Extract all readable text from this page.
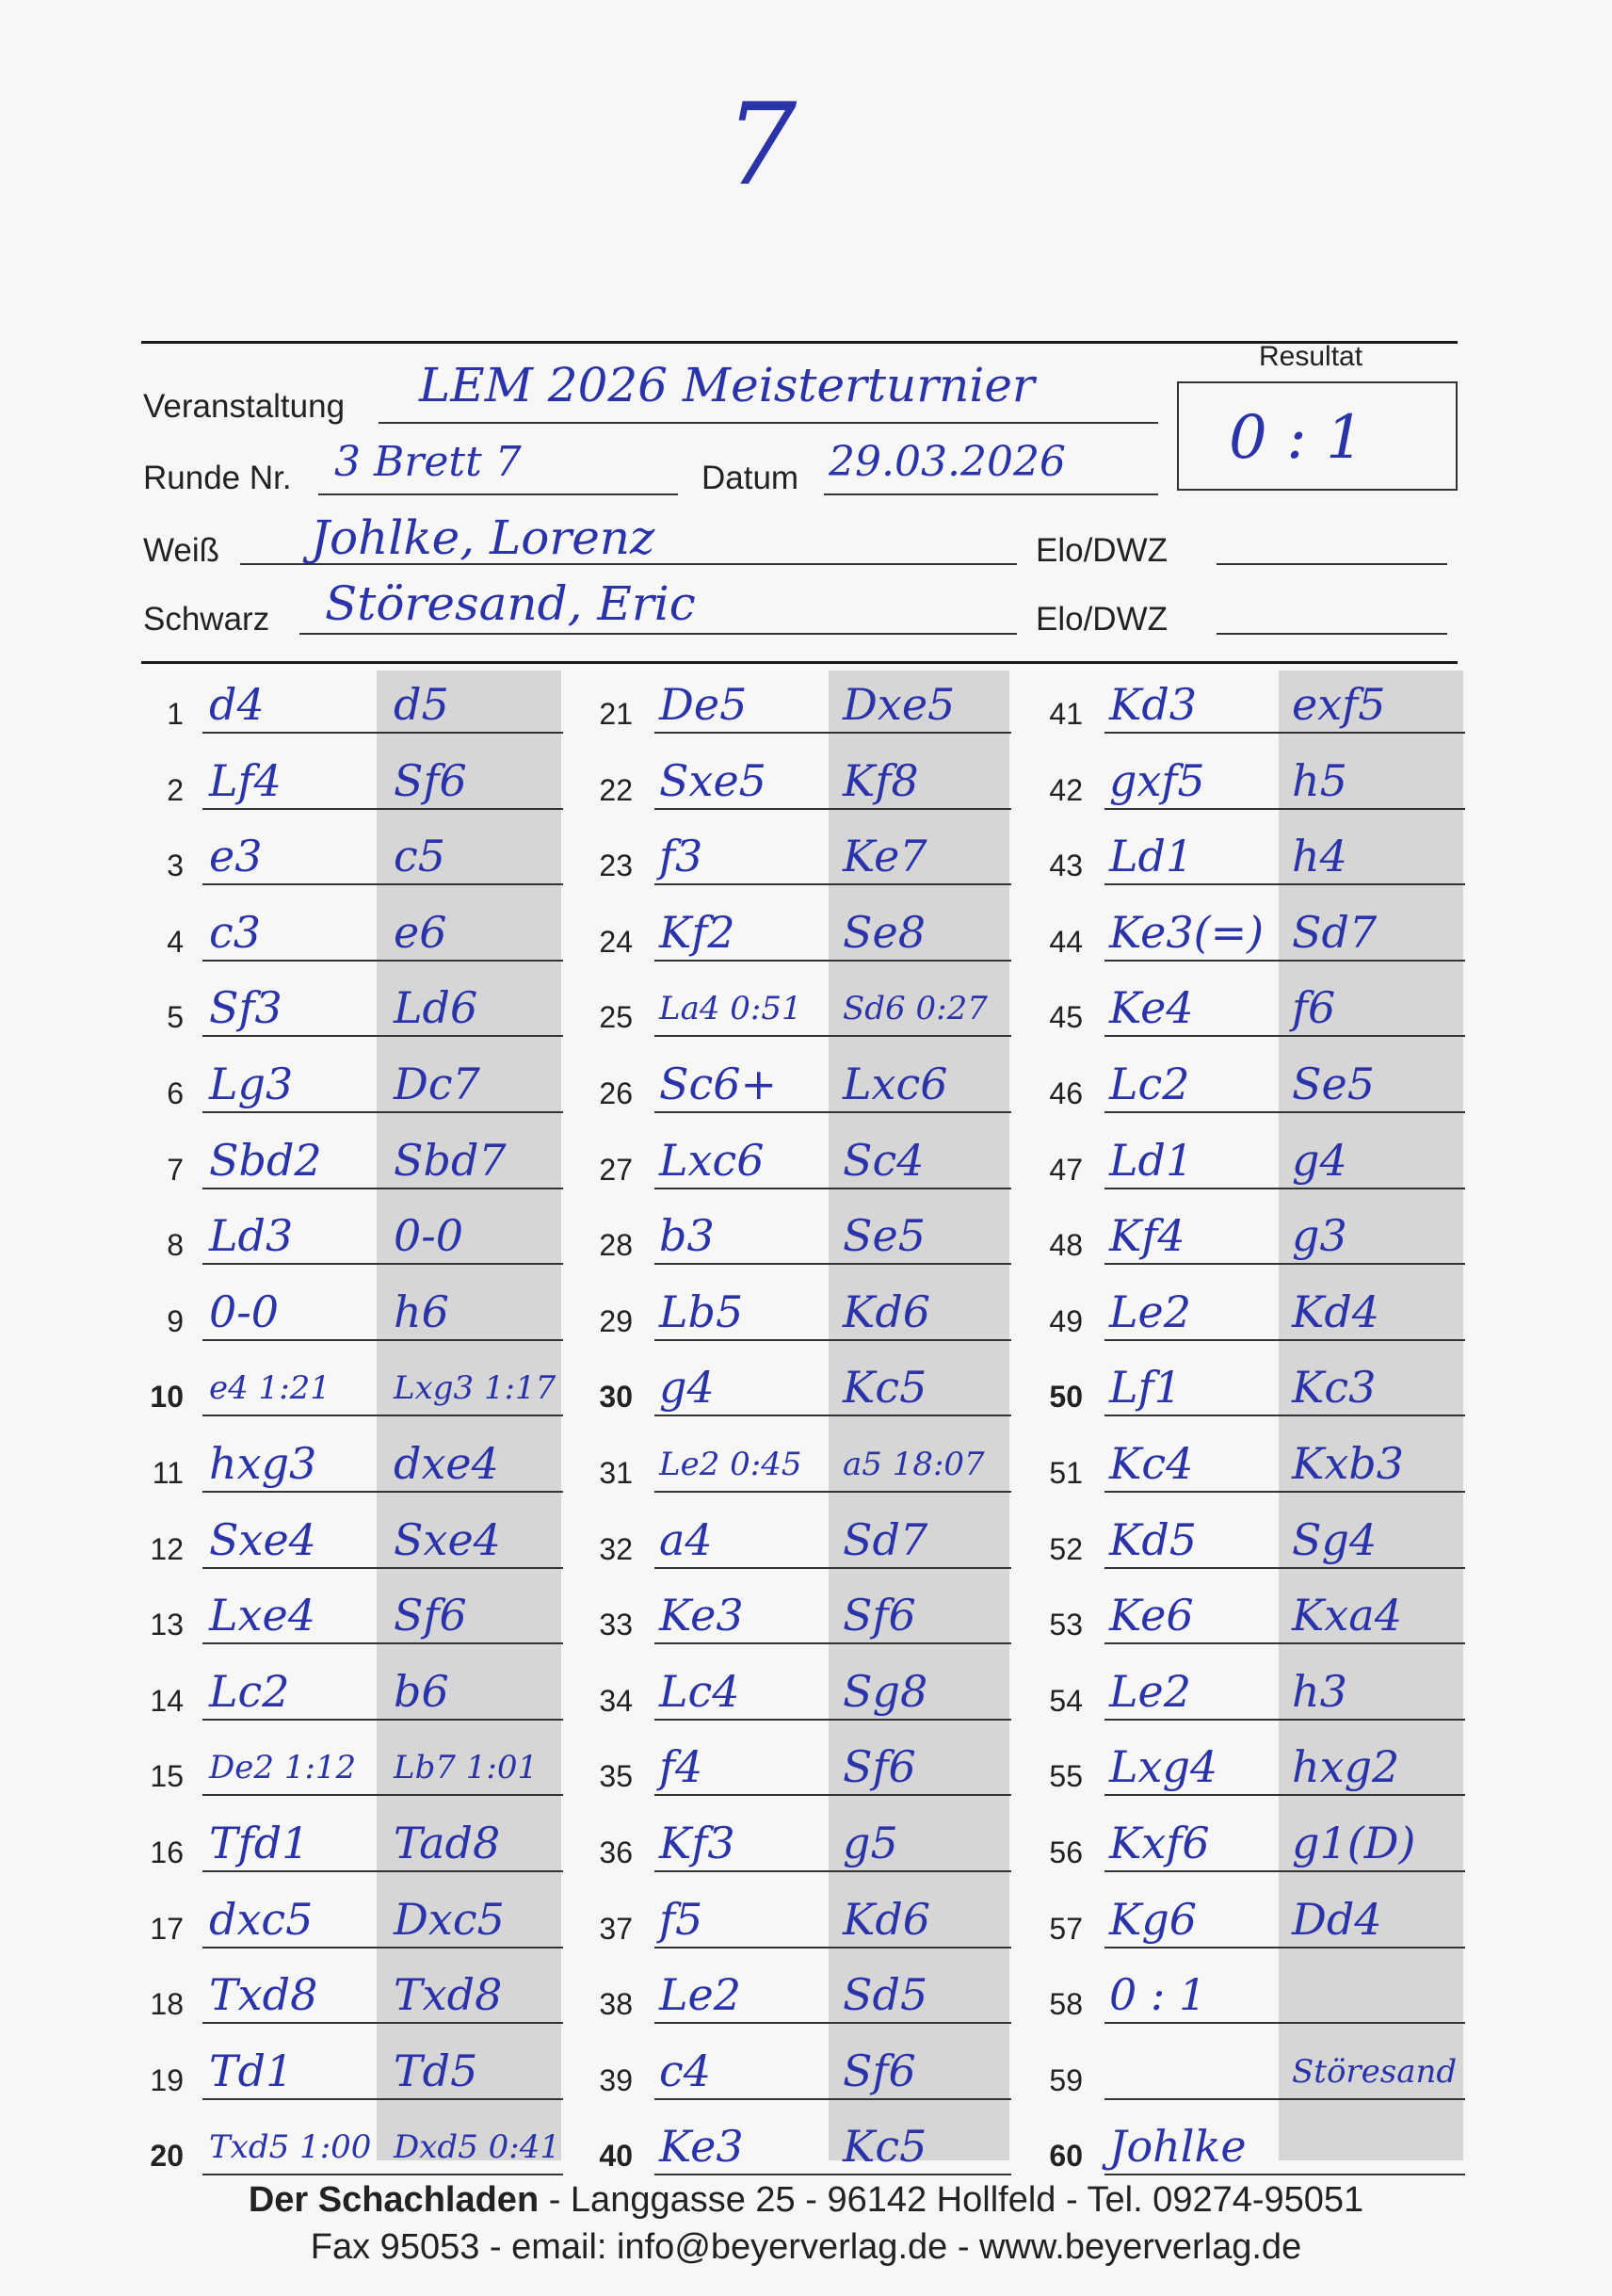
7
Resultat
0 : 1
Veranstaltung LEM 2026 Meisterturnier
Runde Nr. 3 Brett 7	Datum 29.03.2026
Weiß Johlke, Lorenz	Elo/DWZ
Schwarz Störesand, Eric	Elo/DWZ
1 d4	d5
2 Lf4	Sf6
3 e3	c5
4 c3	e6
5 Sf3	Ld6
6 Lg3 Dc7
7 Sbd2 Sbd7
8 Ld3 0-0
9 0-0	h6
10 e4 1:21 Lxg3 1:17
11 hxg3 dxe4
12 Sxe4 Sxe4
13 Lxe4 Sf6
14 Lc2 b6
15 De2 1:12 Lb7 1:01
16 Tfd1 Tad8
17 dxc5 Dxc5
18 Txd8 Txd8
19 Td1 Td5
20 Txd5 1:00 Dxd5 0:41
21 De5 Dxe5
22 Sxe5 Kf8
23 f3	Ke7
24 Kf2 Se8
25 La4 0:51 Sd6 0:27
26 Sc6+ Lxc6
27 Lxc6 Sc4
28 b3	Se5
29 Lb5 Kd6
30 g4	Kc5
31 Le2 0:45 a5 18:07
32 a4	Sd7
33 Ke3 Sf6
34 Lc4 Sg8
35 f4	Sf6
36 Kf3 g5
37 f5	Kd6
38 Le2 Sd5
39 c4	Sf6
40 Ke3 Kc5
41 Kd3 exf5
42 gxf5 h5
43 Ld1 h4
44 Ke3(=) Sd7
45 Ke4 f6
46 Lc2 Se5
47 Ld1 g4
48 Kf4 g3
49 Le2 Kd4
50 Lf1	Kc3
51 Kc4 Kxb3
52 Kd5 Sg4
53 Ke6 Kxa4
54 Le2 h3
55 Lxg4 hxg2
56 Kxf6 g1(D)
57 Kg6 Dd4
58 0 : 1
59	Störesand
60 Johlke
Der Schachladen - Langgasse 25 - 96142 Hollfeld - Tel. 09274-95051
Fax 95053 - email: info@beyerverlag.de - www.beyerverlag.de
